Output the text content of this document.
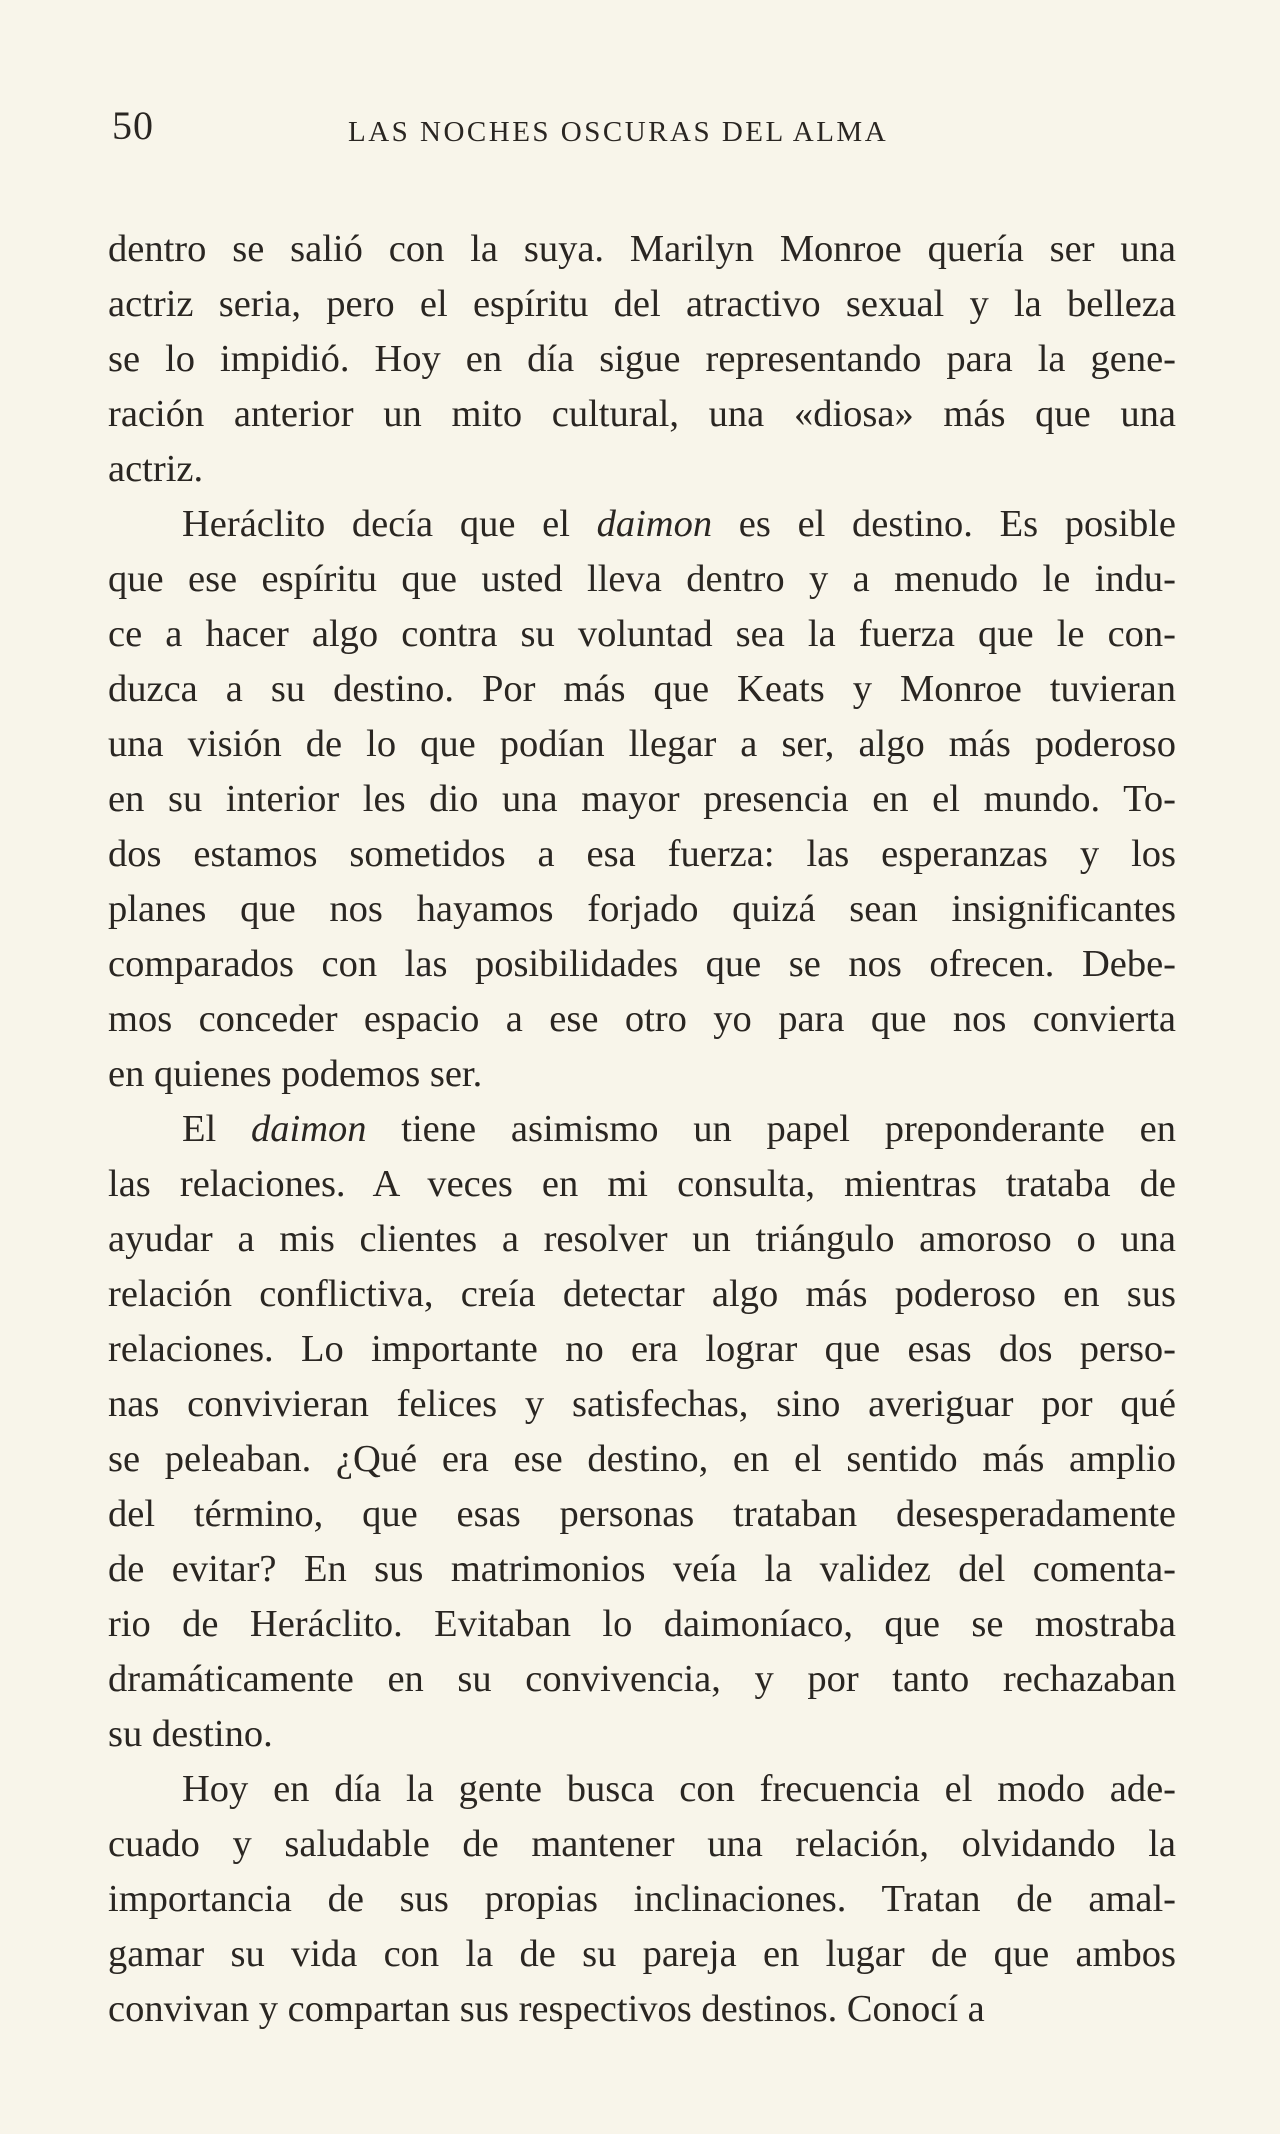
50	LAS NOCHES OSCURAS DEL ALMA
dentro se salió con la suya. Marilyn Monroe quería ser una
actriz seria, pero el espíritu del atractivo sexual y la belleza
se lo impidió. Hoy en día sigue representando para la gene-
ración anterior un mito cultural, una «diosa» más que una
actriz.
Heráclito decía que el daimon es el destino. Es posible
que ese espíritu que usted lleva dentro y a menudo le indu-
ce a hacer algo contra su voluntad sea la fuerza que le con-
duzca a su destino. Por más que Keats y Monroe tuvieran
una visión de lo que podían llegar a ser, algo más poderoso
en su interior les dio una mayor presencia en el mundo. To-
dos estamos sometidos a esa fuerza: las esperanzas y los
planes que nos hayamos forjado quizá sean insignificantes
comparados con las posibilidades que se nos ofrecen. Debe-
mos conceder espacio a ese otro yo para que nos convierta
en quienes podemos ser.
El daimon tiene asimismo un papel preponderante en
las relaciones. A veces en mi consulta, mientras trataba de
ayudar a mis clientes a resolver un triángulo amoroso o una
relación conflictiva, creía detectar algo más poderoso en sus
relaciones. Lo importante no era lograr que esas dos perso-
nas convivieran felices y satisfechas, sino averiguar por qué
se peleaban. ¿Qué era ese destino, en el sentido más amplio
del término, que esas personas trataban desesperadamente
de evitar? En sus matrimonios veía la validez del comenta-
rio de Heráclito. Evitaban lo daimoníaco, que se mostraba
dramáticamente en su convivencia, y por tanto rechazaban
su destino.
Hoy en día la gente busca con frecuencia el modo ade-
cuado y saludable de mantener una relación, olvidando la
importancia de sus propias inclinaciones. Tratan de amal-
gamar su vida con la de su pareja en lugar de que ambos
convivan y compartan sus respectivos destinos. Conocí a
